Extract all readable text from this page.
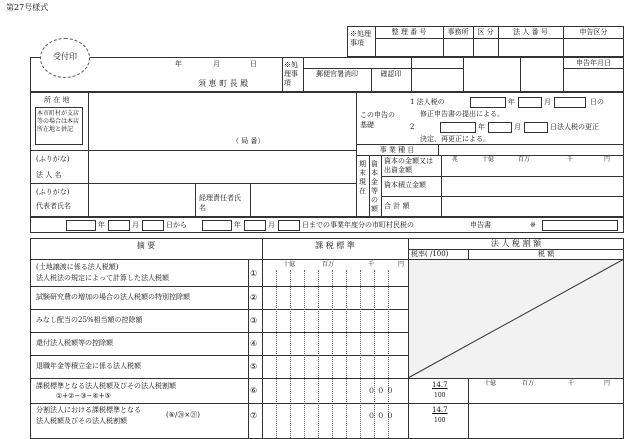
第27号様式
※処理事項
整 理 番 号	事務所	区 分	法 人 番 号	申告区分
受付印
年	月	日
須 恵 町 長 殿
※処理事項
郵便官署消印	確認印
申告年月日
所 在 地
本市町村が支店等の場合は本店所在地と併記
（ 局 番）
(ふりがな)
法 人 名
(ふりがな)
代表者氏名
経理責任者氏 名
この申告の基礎
1 法人税の	年	月	日の
修正申告書の提出による。
2	年	月	日法人税の更正
決定、再更正による。
事 業 種 目
期末現在
資本金等の額
資本の金額又は出資金額
資本積立金額
合 計 額
兆	十億	百万	千	円
年	月	日から	年	月	日までの事業年度分の市町村民税の	申告書	※
摘 要	課 税 標 準	法 人 税 割 額
税率( /100)	税 額
十億	百万	千	円
(土地譲渡に係る法人税額)
法人税法の規定によって計算した法人税額	①
試験研究費の増加の場合の法人税額の特別控除額	②
みなし配当の25%相当額の控除額	③
還付法人税額等の控除額	④
退職年金等積立金に係る法人税額	⑤
課税標準となる法人税額及びその法人税割額
①+②−③−④+⑤
⑥	０ ０ ０
14.7
100
十億	百万	千	円
分割法人における課税標準となる
法人税額及びその法人税割額
(⑥/⑳×㉑)	⑦	０ ０ ０
14.7
100
